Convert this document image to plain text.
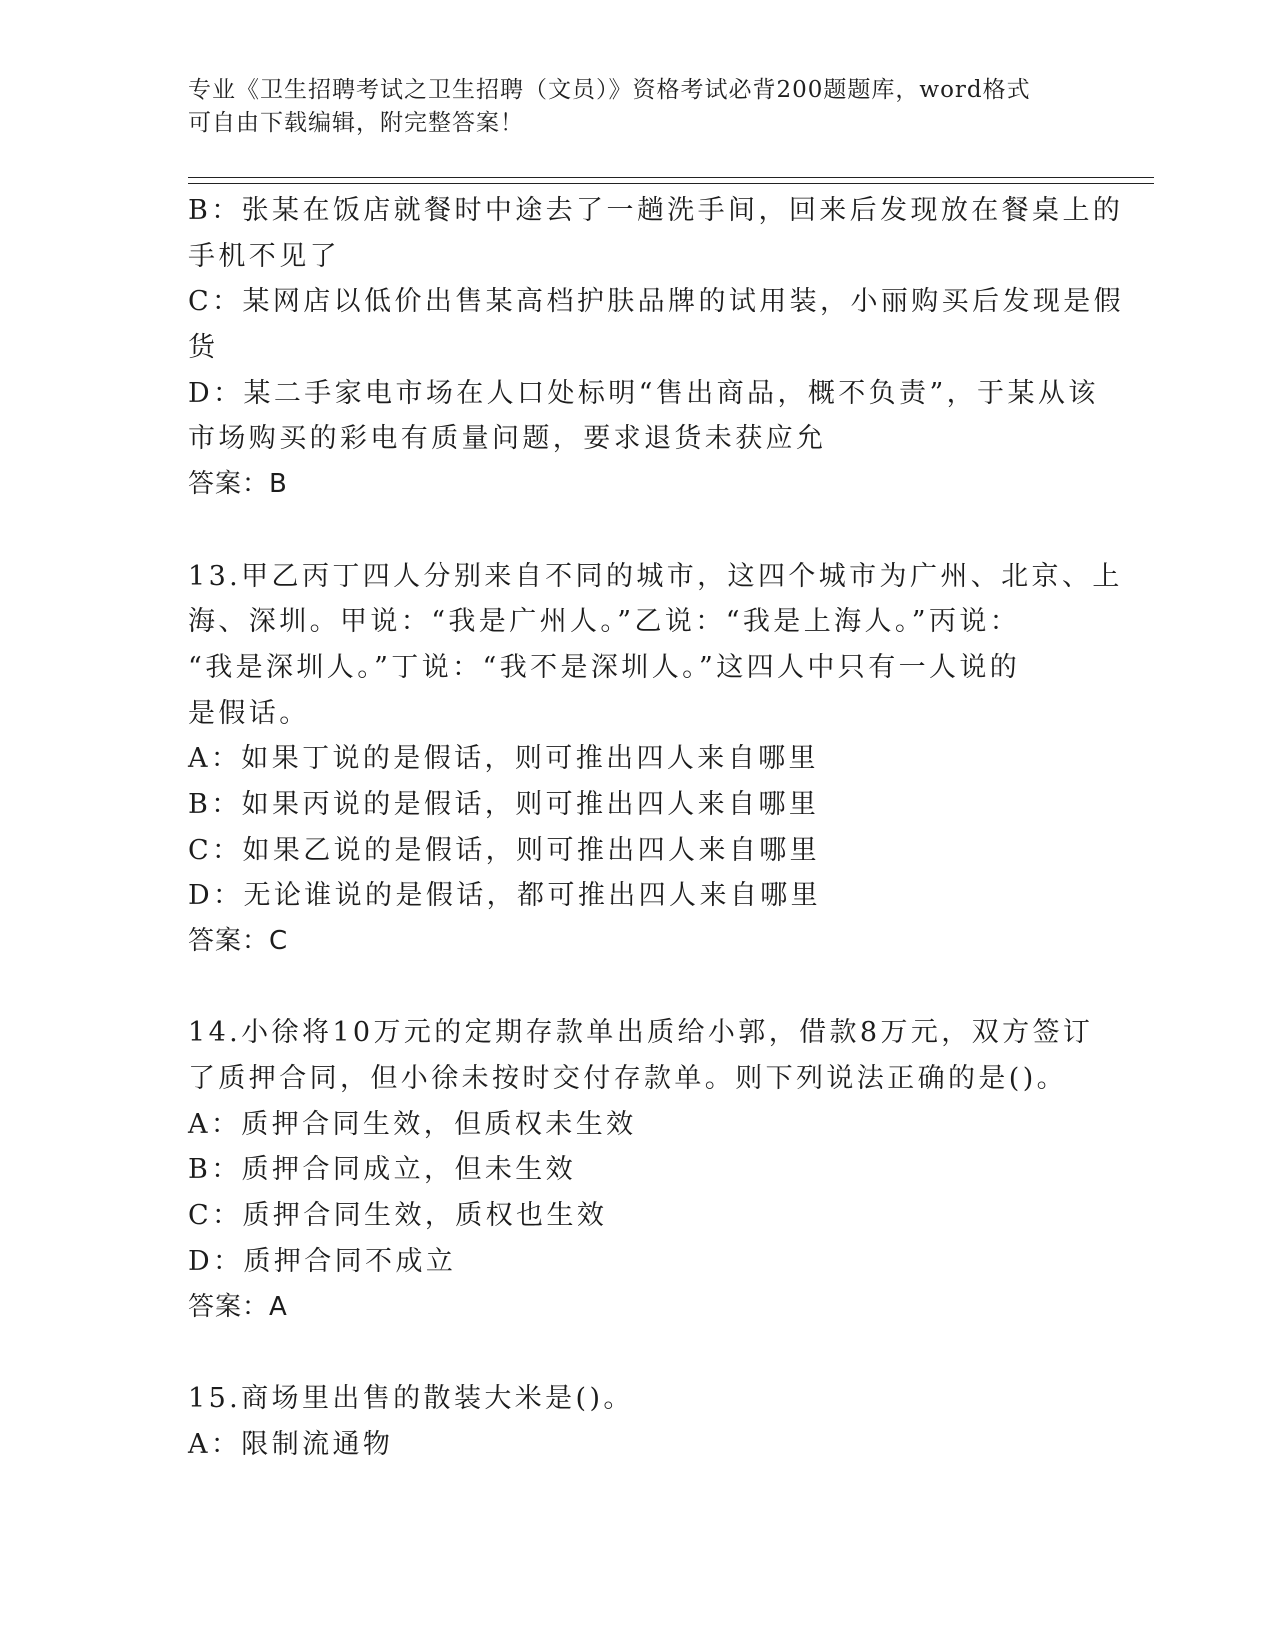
专业《卫生招聘考试之卫生招聘（文员）》资格考试必背200题题库，word格式
可自由下载编辑，附完整答案！
B：张某在饭店就餐时中途去了一趟洗手间，回来后发现放在餐桌上的
手机不见了
C：某网店以低价出售某高档护肤品牌的试用装，小丽购买后发现是假
货
D：某二手家电市场在人口处标明“售出商品，概不负责”，于某从该
市场购买的彩电有质量问题，要求退货未获应允
答案：B
13.甲乙丙丁四人分别来自不同的城市，这四个城市为广州、北京、上
海、深圳。甲说：“我是广州人。”乙说：“我是上海人。”丙说：
“我是深圳人。”丁说：“我不是深圳人。”这四人中只有一人说的
是假话。
A：如果丁说的是假话，则可推出四人来自哪里
B：如果丙说的是假话，则可推出四人来自哪里
C：如果乙说的是假话，则可推出四人来自哪里
D：无论谁说的是假话，都可推出四人来自哪里
答案：C
14.小徐将10万元的定期存款单出质给小郭，借款8万元，双方签订
了质押合同，但小徐未按时交付存款单。则下列说法正确的是()。
A：质押合同生效，但质权未生效
B：质押合同成立，但未生效
C：质押合同生效，质权也生效
D：质押合同不成立
答案：A
15.商场里出售的散装大米是()。
A：限制流通物
